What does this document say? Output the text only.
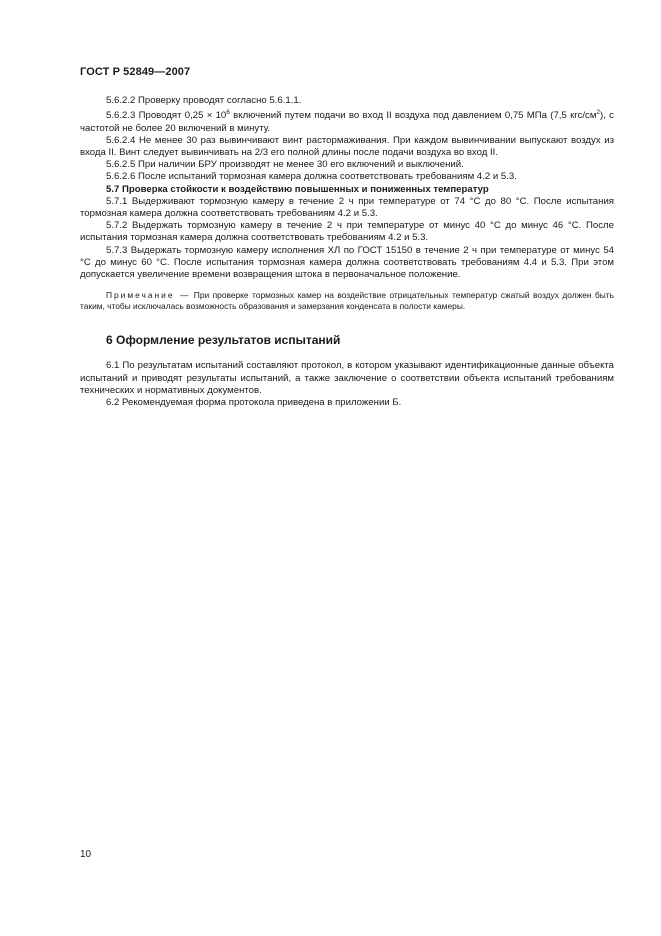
ГОСТ Р 52849—2007

5.6.2.2 Проверку проводят согласно 5.6.1.1.

5.6.2.3 Проводят $0,25 \times 10^6$ включений путем подачи во вход II воздуха под давлением 0,75 МПа (7,5 кгс/$см^2$), с частотой не более 20 включений в минуту.

5.6.2.4 Не менее 30 раз вывинчивают винт растормаживания. При каждом вывинчивании выпускают воздух из входа II. Винт следует вывинчивать на 2/3 его полной длины после подачи воздуха во вход II.

5.6.2.5 При наличии БРУ производят не менее 30 его включений и выключений.

5.6.2.6 После испытаний тормозная камера должна соответствовать требованиям 4.2 и 5.3.

5.7 Проверка стойкости к воздействию повышенных и пониженных температур

5.7.1 Выдерживают тормозную камеру в течение 2 ч при температуре от 74 °С до 80 °С. После испытания тормозная камера должна соответствовать требованиям 4.2 и 5.3.

5.7.2 Выдержать тормозную камеру в течение 2 ч при температуре от минус 40 °С до минус 46 °С. После испытания тормозная камера должна соответствовать требованиям 4.2 и 5.3.

5.7.3 Выдержать тормозную камеру исполнения ХЛ по ГОСТ 15150 в течение 2 ч при температуре от минус 54 °С до минус 60 °С. После испытания тормозная камера должна соответствовать требованиям 4.4 и 5.3. При этом допускается увеличение времени возвращения штока в первоначальное положение.

Примечание — При проверке тормозных камер на воздействие отрицательных температур сжатый воздух должен быть таким, чтобы исключалась возможность образования и замерзания конденсата в полости камеры.

6 Оформление результатов испытаний

6.1 По результатам испытаний составляют протокол, в котором указывают идентификационные данные объекта испытаний и приводят результаты испытаний, а также заключение о соответствии объекта испытаний требованиям технических и нормативных документов.

6.2 Рекомендуемая форма протокола приведена в приложении Б.

10
